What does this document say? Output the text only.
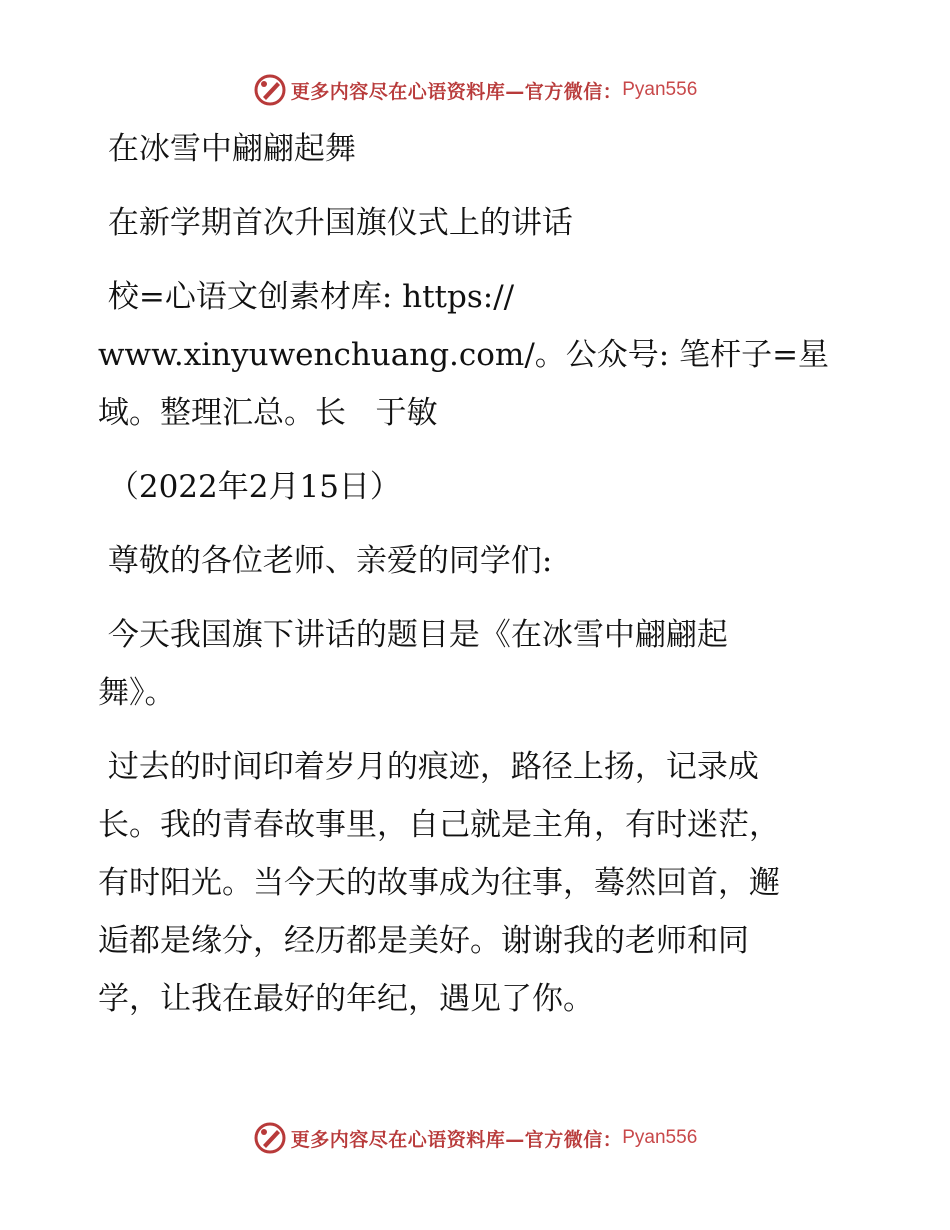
更多内容尽在心语资料库—官方微信： Pyan556

在冰雪中翩翩起舞

在新学期首次升国旗仪式上的讲话

校=心语文创素材库: https://

www.xinyuwenchuang.com/。公众号: 笔杆子=星

域。整理汇总。长   于敏

（2022年2月15日）

尊敬的各位老师、亲爱的同学们:

今天我国旗下讲话的题目是《在冰雪中翩翩起

舞》。

过去的时间印着岁月的痕迹，路径上扬，记录成

长。我的青春故事里，自己就是主角，有时迷茫，

有时阳光。当今天的故事成为往事，蓦然回首，邂

逅都是缘分，经历都是美好。谢谢我的老师和同

学，让我在最好的年纪，遇见了你。

更多内容尽在心语资料库—官方微信： Pyan556
